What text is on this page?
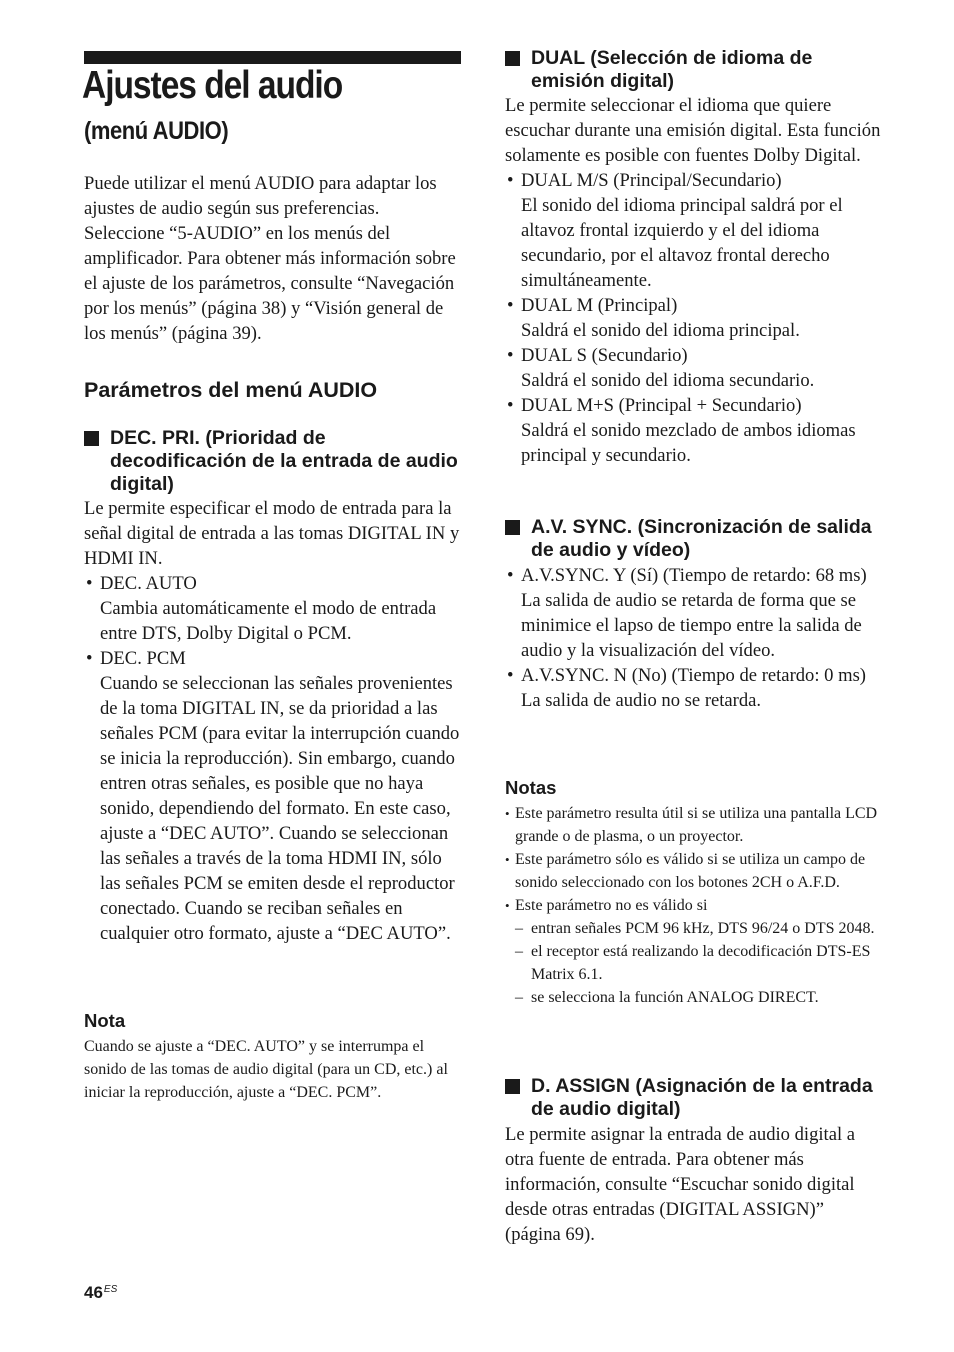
Ajustes del audio
(menú AUDIO)

Puede utilizar el menú AUDIO para adaptar los ajustes de audio según sus preferencias. Seleccione “5-AUDIO” en los menús del amplificador. Para obtener más información sobre el ajuste de los parámetros, consulte “Navegación por los menús” (página 38) y “Visión general de los menús” (página 39).

Parámetros del menú AUDIO
DEC. PRI. (Prioridad de decodificación de la entrada de audio digital)

Le permite especificar el modo de entrada para la señal digital de entrada a las tomas DIGITAL IN y HDMI IN.

• DEC. AUTO
Cambia automáticamente el modo de entrada entre DTS, Dolby Digital o PCM.
• DEC. PCM
Cuando se seleccionan las señales provenientes de la toma DIGITAL IN, se da prioridad a las señales PCM (para evitar la interrupción cuando se inicia la reproducción). Sin embargo, cuando entren otras señales, es posible que no haya sonido, dependiendo del formato. En este caso, ajuste a “DEC AUTO”. Cuando se seleccionan las señales a través de la toma HDMI IN, sólo las señales PCM se emiten desde el reproductor conectado. Cuando se reciban señales en cualquier otro formato, ajuste a “DEC AUTO”.
Nota

Cuando se ajuste a “DEC. AUTO” y se interrumpa el sonido de las tomas de audio digital (para un CD, etc.) al iniciar la reproducción, ajuste a “DEC. PCM”.

DUAL (Selección de idioma de emisión digital)

Le permite seleccionar el idioma que quiere escuchar durante una emisión digital. Esta función solamente es posible con fuentes Dolby Digital.

• DUAL M/S (Principal/Secundario)
El sonido del idioma principal saldrá por el altavoz frontal izquierdo y el del idioma secundario, por el altavoz frontal derecho simultáneamente.
• DUAL M (Principal)
Saldrá el sonido del idioma principal.
• DUAL S (Secundario)
Saldrá el sonido del idioma secundario.
• DUAL M+S (Principal + Secundario)
Saldrá el sonido mezclado de ambos idiomas principal y secundario.
A.V. SYNC. (Sincronización de salida de audio y vídeo)
• A.V.SYNC. Y (Sí) (Tiempo de retardo: 68 ms)
La salida de audio se retarda de forma que se minimice el lapso de tiempo entre la salida de audio y la visualización del vídeo.
• A.V.SYNC. N (No) (Tiempo de retardo: 0 ms)
La salida de audio no se retarda.
Notas
• Este parámetro resulta útil si se utiliza una pantalla LCD grande o de plasma, o un proyector.
• Este parámetro sólo es válido si se utiliza un campo de sonido seleccionado con los botones 2CH o A.F.D.
• Este parámetro no es válido si
– entran señales PCM 96 kHz, DTS 96/24 o DTS 2048.
– el receptor está realizando la decodificación DTS-ES Matrix 6.1.
– se selecciona la función ANALOG DIRECT.
D. ASSIGN (Asignación de la entrada de audio digital)

Le permite asignar la entrada de audio digital a otra fuente de entrada. Para obtener más información, consulte “Escuchar sonido digital desde otras entradas (DIGITAL ASSIGN)” (página 69).

$46^{ES}$
